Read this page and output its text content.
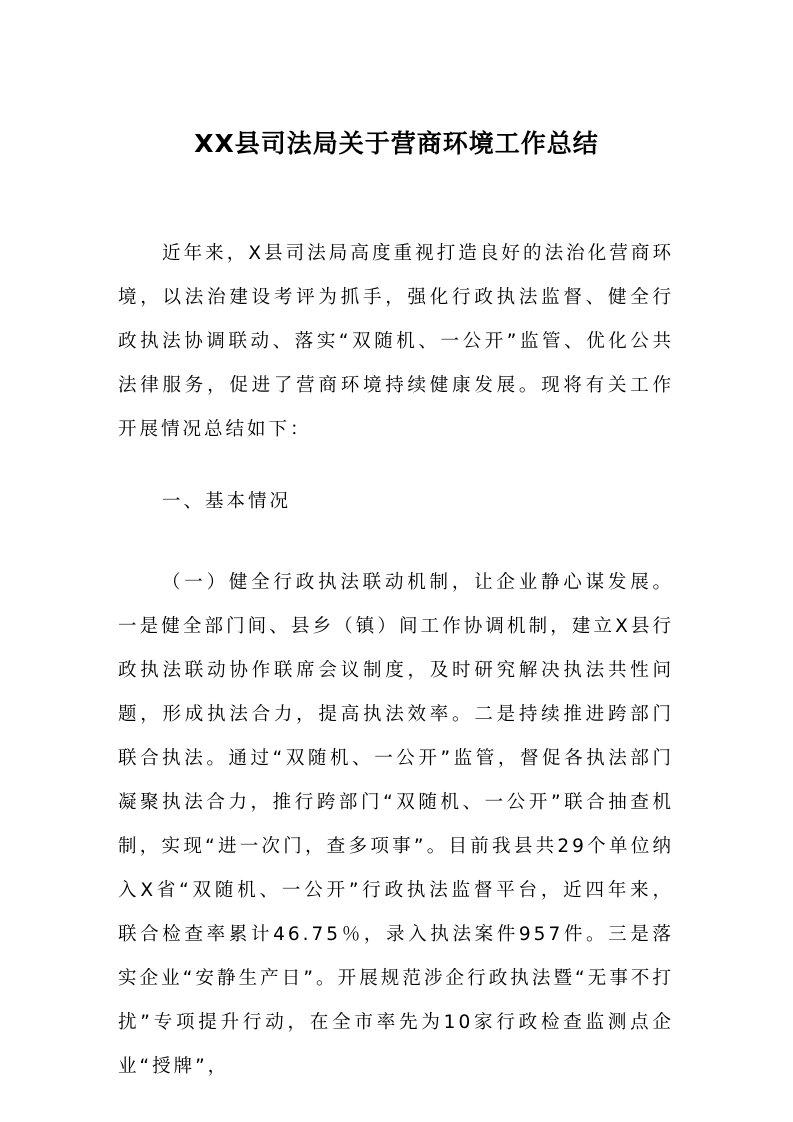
XX县司法局关于营商环境工作总结

近年来，X县司法局高度重视打造良好的法治化营商环境，以法治建设考评为抓手，强化行政执法监督、健全行政执法协调联动、落实“双随机、一公开”监管、优化公共法律服务，促进了营商环境持续健康发展。现将有关工作开展情况总结如下：

一、基本情况

（一）健全行政执法联动机制，让企业静心谋发展。一是健全部门间、县乡（镇）间工作协调机制，建立X县行政执法联动协作联席会议制度，及时研究解决执法共性问题，形成执法合力，提高执法效率。二是持续推进跨部门联合执法。通过“双随机、一公开”监管，督促各执法部门凝聚执法合力，推行跨部门“双随机、一公开”联合抽查机制，实现“进一次门，查多项事”。目前我县共29个单位纳入X省“双随机、一公开”行政执法监督平台，近四年来，联合检查率累计46.75％，录入执法案件957件。三是落实企业“安静生产日”。开展规范涉企行政执法暨“无事不打扰”专项提升行动，在全市率先为10家行政检查监测点企业“授牌”，
